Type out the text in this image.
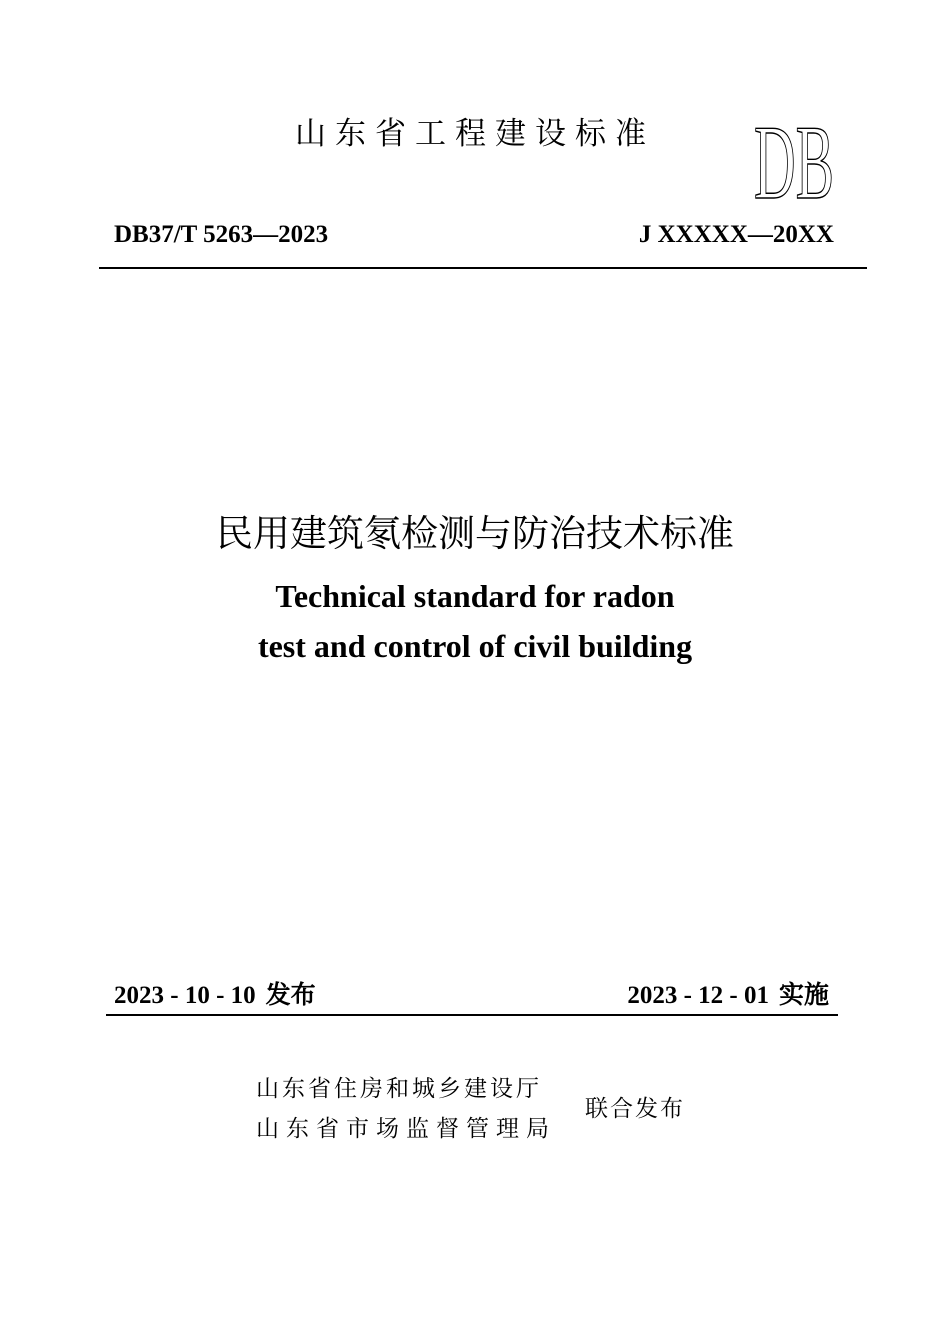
山东省工程建设标准 DB
DB37/T 5263—2023	J XXXXX—20XX
民用建筑氡检测与防治技术标准
Technical standard for radon
test and control of civil building
2023 - 10 - 10 发布	2023 - 12 - 01 实施
山东省住房和城乡建设厅
山东省市场监督管理局
联合发布
